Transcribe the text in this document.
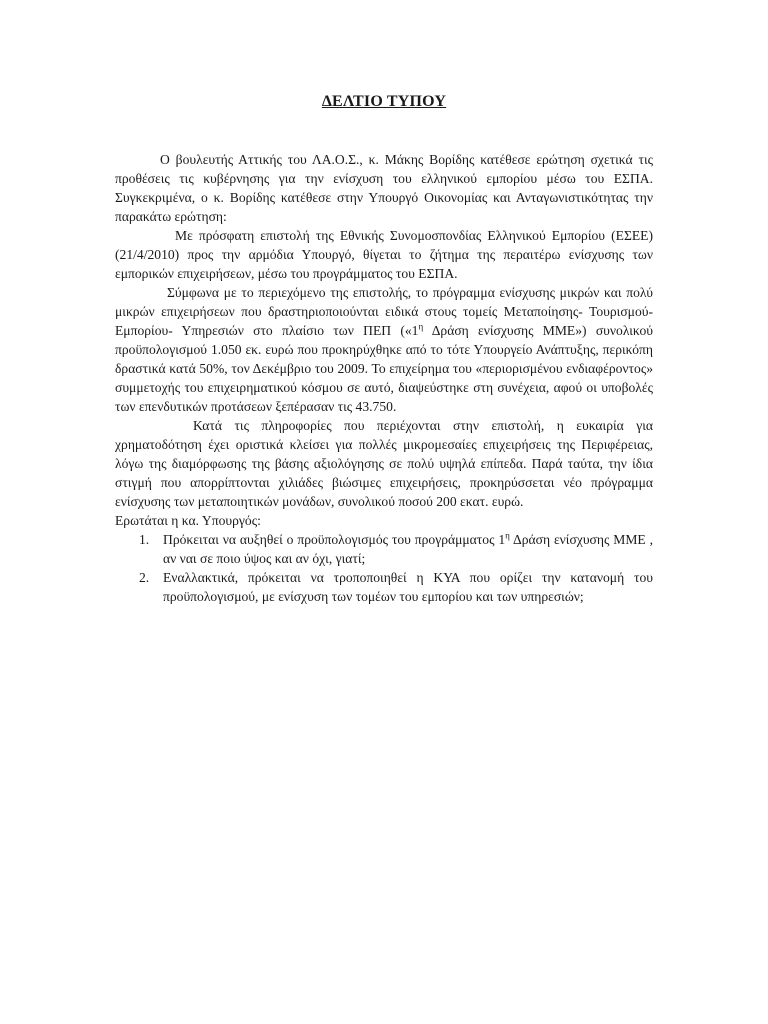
ΔΕΛΤΙΟ ΤΥΠΟΥ

Ο βουλευτής Αττικής του ΛΑ.Ο.Σ., κ. Μάκης Βορίδης κατέθεσε ερώτηση σχετικά τις προθέσεις τις κυβέρνησης για την ενίσχυση του ελληνικού εμπορίου μέσω του ΕΣΠΑ. Συγκεκριμένα, ο κ. Βορίδης κατέθεσε στην Υπουργό Οικονομίας και Ανταγωνιστικότητας την παρακάτω ερώτηση:

Με πρόσφατη επιστολή της Εθνικής Συνομοσπονδίας Ελληνικού Εμπορίου (ΕΣΕΕ) (21/4/2010) προς την αρμόδια Υπουργό, θίγεται το ζήτημα της περαιτέρω ενίσχυσης των εμπορικών επιχειρήσεων, μέσω του προγράμματος του ΕΣΠΑ.

Σύμφωνα με το περιεχόμενο της επιστολής, το πρόγραμμα ενίσχυσης μικρών και πολύ μικρών επιχειρήσεων που δραστηριοποιούνται ειδικά στους τομείς Μεταποίησης- Τουρισμού- Εμπορίου- Υπηρεσιών στο πλαίσιο των ΠΕΠ («$1^\eta$ Δράση ενίσχυσης ΜΜΕ») συνολικού προϋπολογισμού 1.050 εκ. ευρώ που προκηρύχθηκε από το τότε Υπουργείο Ανάπτυξης, περικόπη δραστικά κατά 50%, τον Δεκέμβριο του 2009. Το επιχείρημα του «περιορισμένου ενδιαφέροντος» συμμετοχής του επιχειρηματικού κόσμου σε αυτό, διαψεύστηκε στη συνέχεια, αφού οι υποβολές των επενδυτικών προτάσεων ξεπέρασαν τις 43.750.

Κατά τις πληροφορίες που περιέχονται στην επιστολή, η ευκαιρία για χρηματοδότηση έχει οριστικά κλείσει για πολλές μικρομεσαίες επιχειρήσεις της Περιφέρειας, λόγω της διαμόρφωσης της βάσης αξιολόγησης σε πολύ υψηλά επίπεδα. Παρά ταύτα, την ίδια στιγμή που απορρίπτονται χιλιάδες βιώσιμες επιχειρήσεις, προκηρύσσεται νέο πρόγραμμα ενίσχυσης των μεταποιητικών μονάδων, συνολικού ποσού 200 εκατ. ευρώ.

Ερωτάται η κα. Υπουργός:

1. Πρόκειται να αυξηθεί ο προϋπολογισμός του προγράμματος $1^\eta$ Δράση ενίσχυσης ΜΜΕ , αν ναι σε ποιο ύψος και αν όχι, γιατί;
2. Εναλλακτικά, πρόκειται να τροποποιηθεί η ΚΥΑ που ορίζει την κατανομή του προϋπολογισμού, με ενίσχυση των τομέων του εμπορίου και των υπηρεσιών;
